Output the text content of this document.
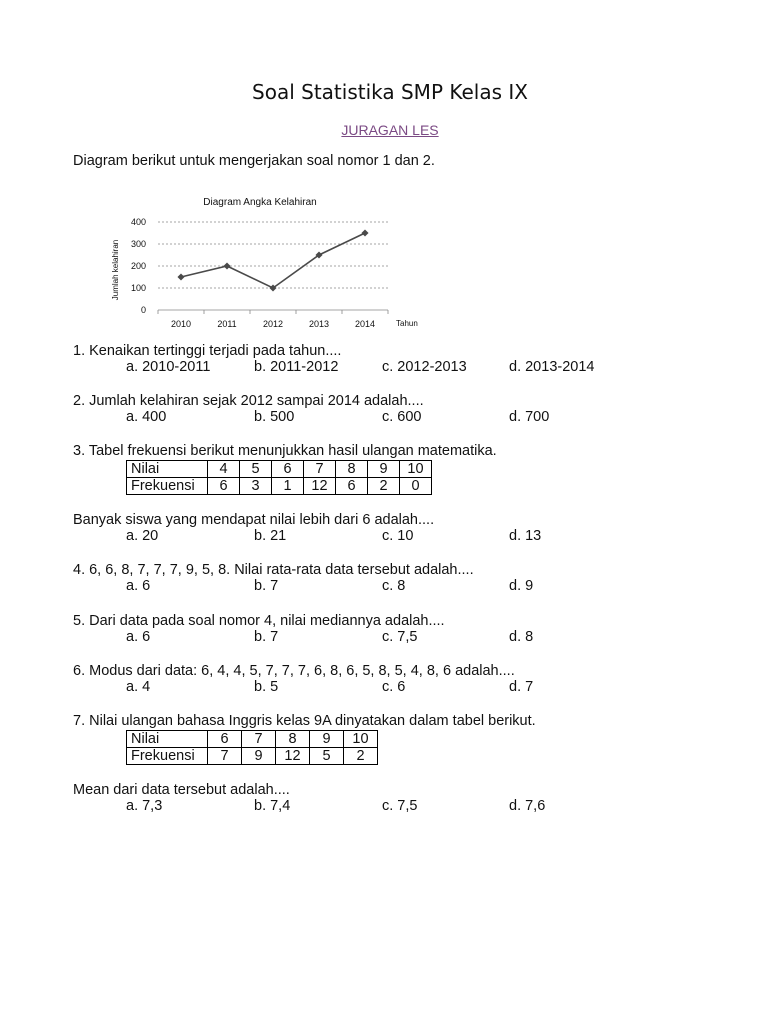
Soal Statistika SMP Kelas IX
JURAGAN LES
Diagram berikut untuk mengerjakan soal nomor 1 dan 2.
Diagram Angka Kelahiran
Jumlah kelahiran
Tahun
0
100
200
300
400
2010	2011	2012	2013	2014
1. Kenaikan tertinggi terjadi pada tahun....
a. 2010-2011	b. 2011-2012	c. 2012-2013	d. 2013-2014
2. Jumlah kelahiran sejak 2012 sampai 2014 adalah....
a. 400	b. 500	c. 600	d. 700
3. Tabel frekuensi berikut menunjukkan hasil ulangan matematika.
Nilai	4	5	6	7	8	9	10
Frekuensi	6	3	1	12	6	2	0
Banyak siswa yang mendapat nilai lebih dari 6 adalah....
a. 20	b. 21	c. 10	d. 13
4. 6, 6, 8, 7, 7, 7, 9, 5, 8. Nilai rata-rata data tersebut adalah....
a. 6	b. 7	c. 8	d. 9
5. Dari data pada soal nomor 4, nilai mediannya adalah....
a. 6	b. 7	c. 7,5	d. 8
6. Modus dari data: 6, 4, 4, 5, 7, 7, 7, 6, 8, 6, 5, 8, 5, 4, 8, 6 adalah....
a. 4	b. 5	c. 6	d. 7
7. Nilai ulangan bahasa Inggris kelas 9A dinyatakan dalam tabel berikut.
Nilai	6	7	8	9	10
Frekuensi	7	9	12	5	2
Mean dari data tersebut adalah....
a. 7,3	b. 7,4	c. 7,5	d. 7,6
